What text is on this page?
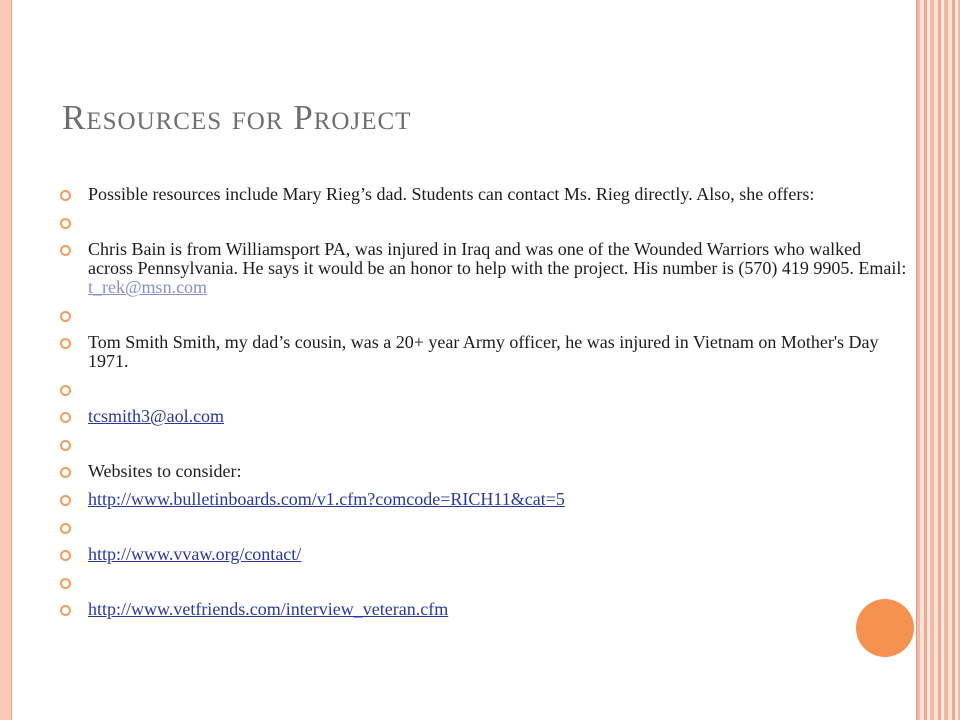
Resources for Project
Possible resources include Mary Rieg’s dad. Students can contact Ms. Rieg directly. Also, she offers:
Chris Bain is from Williamsport PA, was injured in Iraq and was one of the Wounded Warriors who walked across Pennsylvania. He says it would be an honor to help with the project. His number is (570) 419 9905. Email: t_rek@msn.com
Tom Smith Smith, my dad’s cousin, was a 20+ year Army officer, he was injured in Vietnam on Mother's Day 1971.
tcsmith3@aol.com
Websites to consider:
http://www.bulletinboards.com/v1.cfm?comcode=RICH11&cat=5
http://www.vvaw.org/contact/
http://www.vetfriends.com/interview_veteran.cfm
